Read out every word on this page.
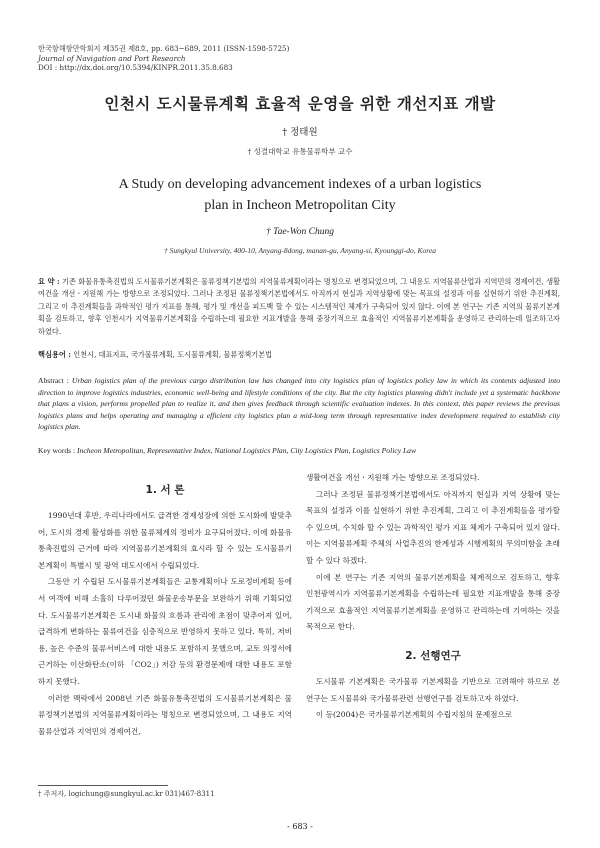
한국항해항만학회지 제35권 제8호, pp. 683~689, 2011 (ISSN-1598-5725)
Journal of Navigation and Port Research
DOI : http://dx.doi.org/10.5394/KINPR.2011.35.8.683
인천시 도시물류계획 효율적 운영을 위한 개선지표 개발
† 정태원
† 성결대학교 유통물류학부 교수
A Study on developing advancement indexes of a urban logistics
plan in Incheon Metropolitan City
† Tae-Won Chung
† Sungkyul University, 400-10, Anyang-8dong, manan-gu, Anyang-si, Kyounggi-do, Korea
요 약 : 기존 화물유통촉진법의 도시물류기본계획은 물류정책기본법의 지역물류계획이라는 명칭으로 변경되었으며, 그 내용도 지역물류산업과 지역민의 경제여건, 생활여건을 개선ㆍ지원해 가는 방향으로 조정되었다. 그러나 조정된 물류정책기본법에서도 아직까지 현실과 지역상황에 맞는 목표의 설정과 이를 실현하기 위한 추진계획, 그리고 이 추진계획들을 과학적인 평가 지표를 통해, 평가 및 개선을 피드백 할 수 있는 시스템적인 체계가 구축되어 있지 않다. 이에 본 연구는 기존 지역의 물류기본계획을 검토하고, 향후 인천시가 지역물류기본계획을 수립하는데 필요한 지표개발을 통해 중장기적으로 효율적인 지역물류기본계획을 운영하고 관리하는데 일조하고자 하였다.
핵심용어 : 인천시, 대표지표, 국가물류계획, 도시물류계획, 물류정책기본법
Abstract : Urban logistics plan of the previous cargo distribution law has changed into city logistics plan of logistics policy law in which its contents adjusted into direction to improve logistics industries, economic well-being and lifestyle conditions of the city. But the city logistics planning didn't include yet a systematic backbone that plans a vision, performs propelled plan to realize it, and then gives feedback through scientific evaluation indexes. In this context, this paper reviews the previous logistics plans and helps operating and managing a efficient city logistics plan a mid-long term through representative index development required to establish city logistics plan.
Key words : Incheon Metropolitan, Representative Index, National Logistics Plan, City Logistics Plan, Logistics Policy Law
1. 서 론

1990년대 후반, 우리나라에서도 급격한 경제성장에 의한 도시화에 발맞추어, 도시의 경제 활성화를 위한 물류체계의 정비가 요구되어졌다. 이에 화물유통촉진법의 근거에 따라 지역물류기본계획의 효시라 할 수 있는 도시물류기본계획이 특별시 및 광역 대도시에서 수립되었다.

그동안 기 수립된 도시물류기본계획들은 교통계획이나 도로정비계획 등에서 여객에 비해 소홀히 다루어졌던 화물운송부문을 보완하기 위해 기획되었다. 도시물류기본계획은 도시내 화물의 흐름과 관리에 초점이 맞추어져 있어, 급격하게 변화하는 물류여건을 심층적으로 반영하지 못하고 있다. 특히, 저비용, 높은 수준의 물류서비스에 대한 내용도 포함하지 못했으며, 교토 의정서에 근거하는 이산화탄소(이하 「CO2」) 저감 등의 환경문제에 대한 내용도 포함하지 못했다.

이러한 맥락에서 2008년 기존 화물유통촉진법의 도시물류기본계획은 물류정책기본법의 지역물류계획이라는 명칭으로 변경되었으며, 그 내용도 지역물류산업과 지역민의 경제여건,

생활여건을 개선ㆍ지원해 가는 방향으로 조정되었다.

그러나 조정된 물류정책기본법에서도 아직까지 현실과 지역 상황에 맞는 목표의 설정과 이를 실현하기 위한 추진계획, 그리고 이 추진계획들을 평가할 수 있으며, 수치화 할 수 있는 과학적인 평가 지표 체계가 구축되어 있지 않다. 이는 지역물류계획 주체의 사업추진의 한계성과 시행계획의 무의미함을 초래할 수 있다 하겠다.

이에 본 연구는 기존 지역의 물류기본계획을 체계적으로 검토하고, 향후 인천광역시가 지역물류기본계획을 수립하는데 필요한 지표개발을 통해 중장기적으로 효율적인 지역물류기본계획을 운영하고 관리하는데 기여하는 것을 목적으로 한다.

2. 선행연구

도시물류 기본계획은 국가물류 기본계획을 기반으로 고려해야 하므로 본 연구는 도시물류와 국가물류관련 선행연구를 검토하고자 하였다.

이 등(2004)은 국가물류기본계획의 수립지침의 문제점으로

† 주저자, logichung@sungkyul.ac.kr 031)467-8311
- 683 -
